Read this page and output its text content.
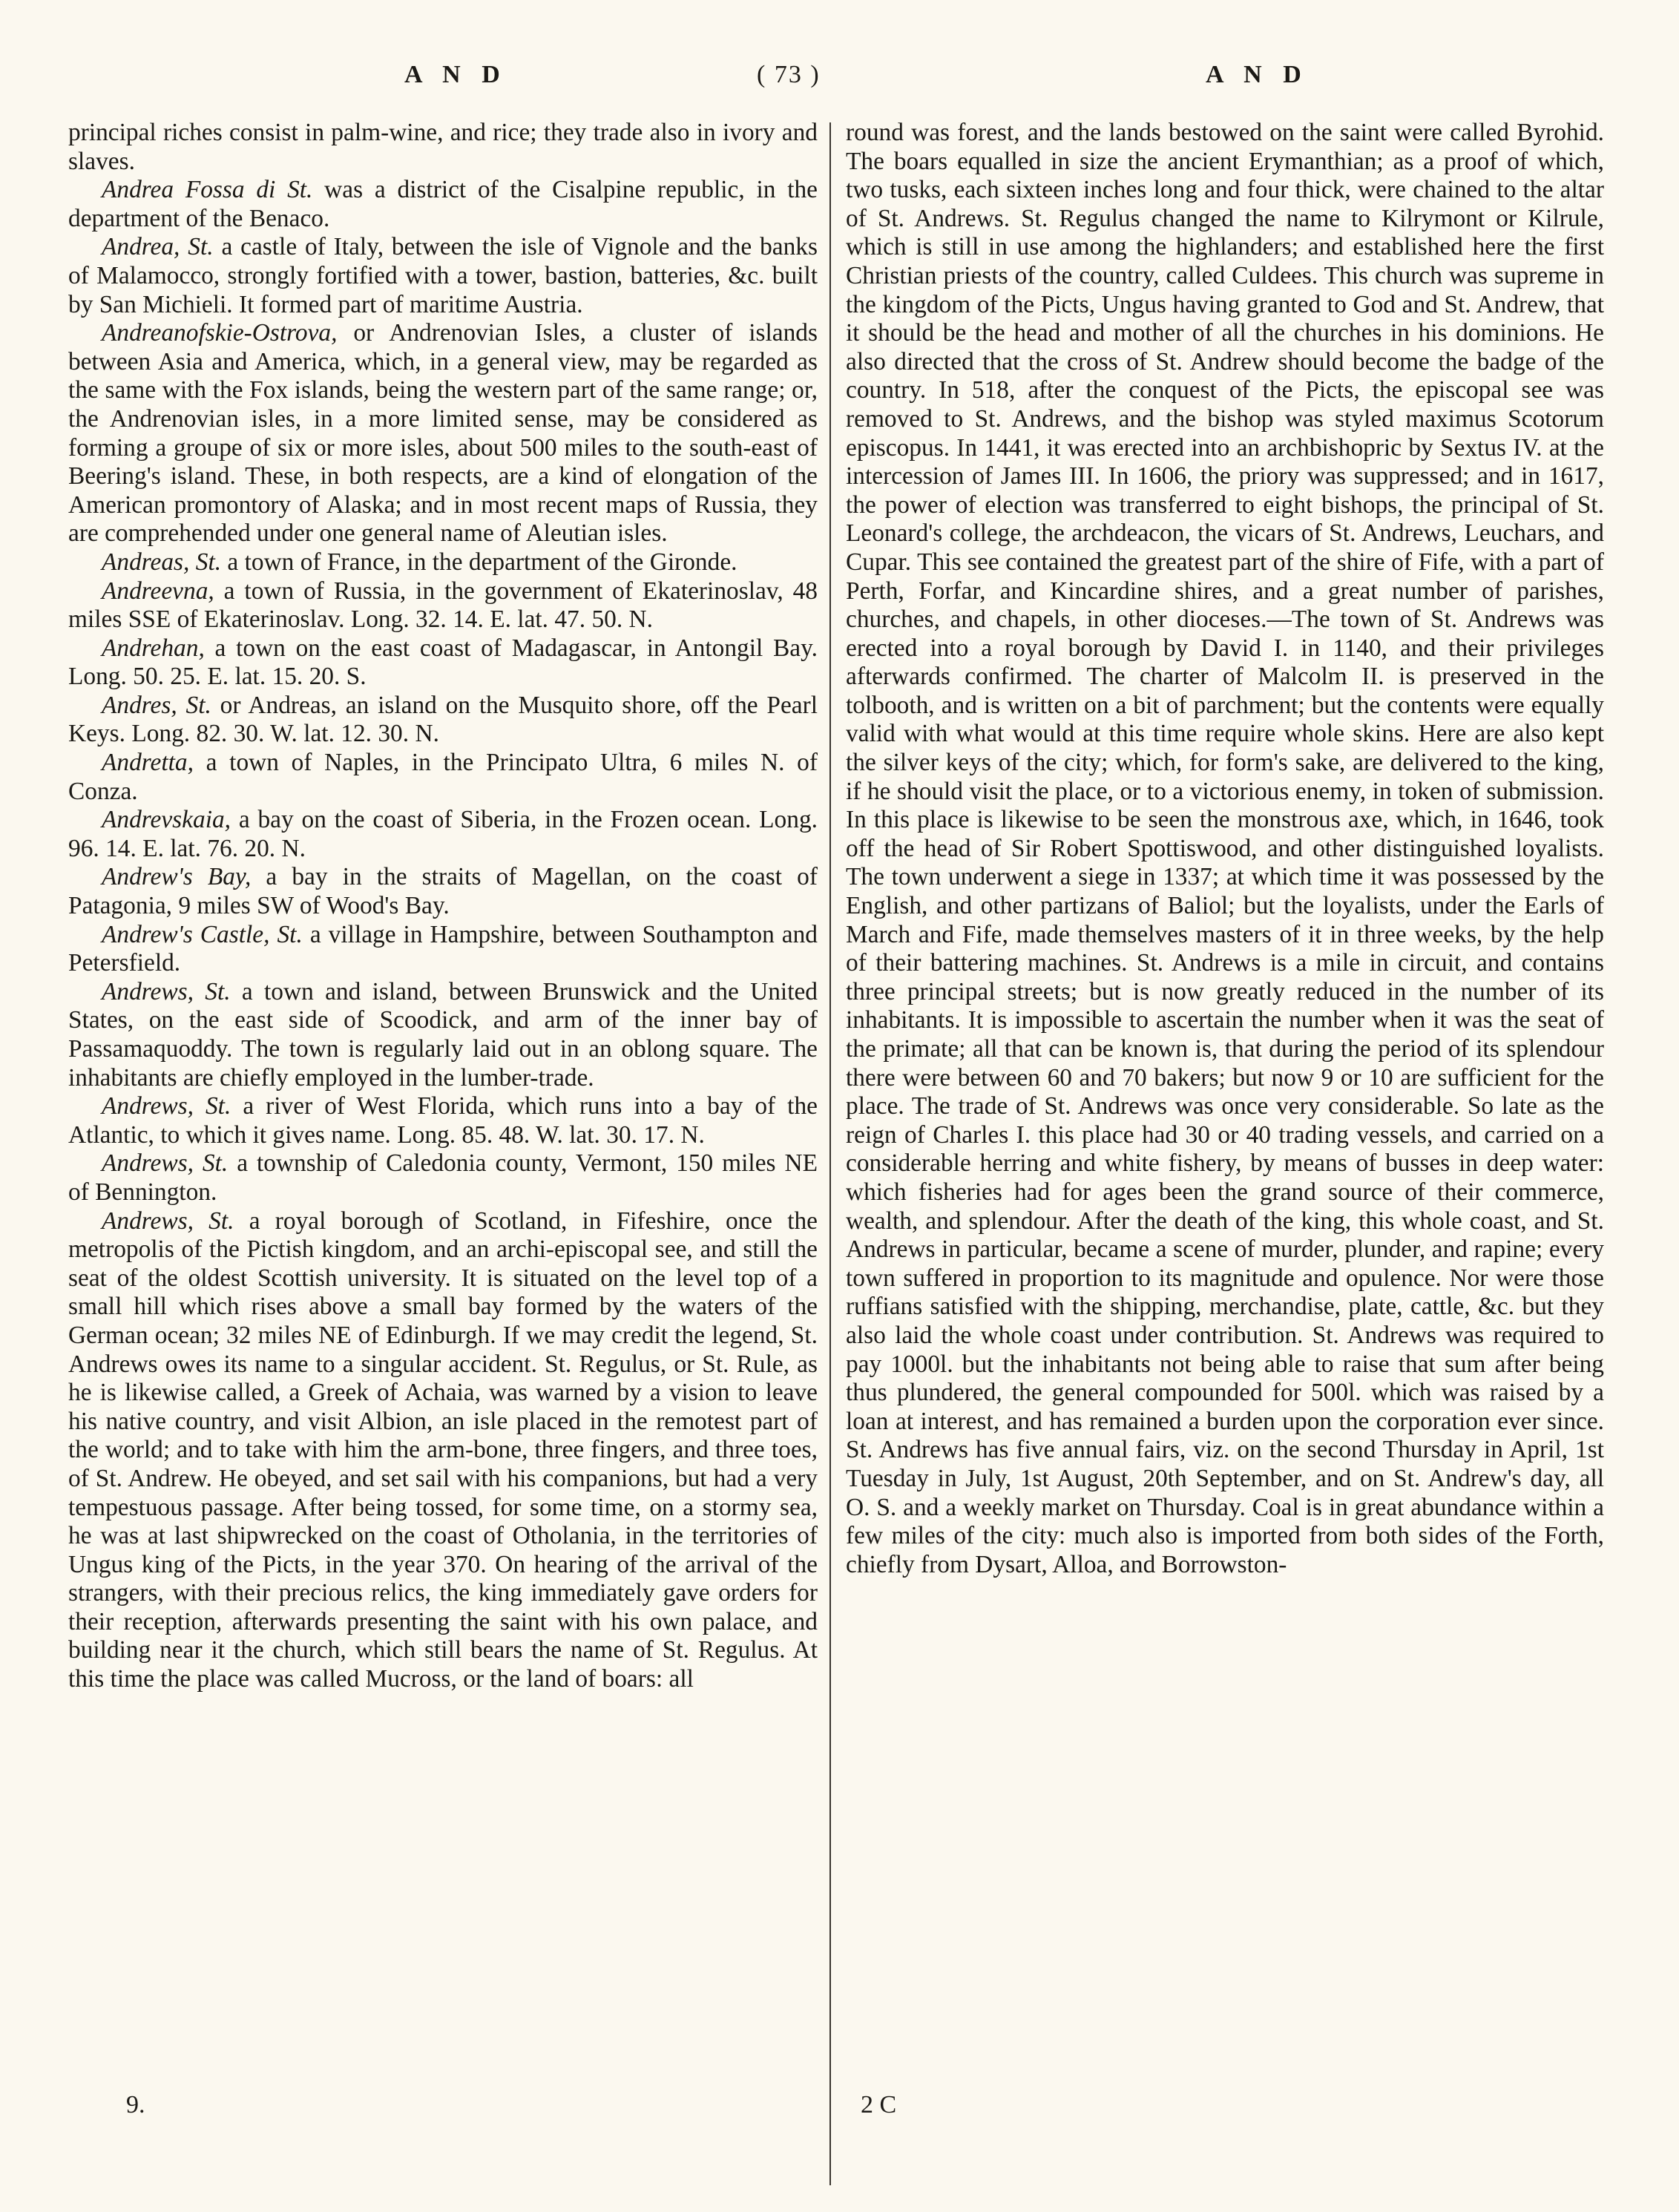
A N D	( 73 )	A N D

principal riches consist in palm-wine, and rice; they trade also in ivory and slaves.

Andrea Fossa di St. was a district of the Cisalpine republic, in the department of the Benaco.

Andrea, St. a castle of Italy, between the isle of Vignole and the banks of Malamocco, strongly fortified with a tower, bastion, batteries, &c. built by San Michieli. It formed part of maritime Austria.

Andreanofskie-Ostrova, or Andrenovian Isles, a cluster of islands between Asia and America, which, in a general view, may be regarded as the same with the Fox islands, being the western part of the same range; or, the Andrenovian isles, in a more limited sense, may be considered as forming a groupe of six or more isles, about 500 miles to the south-east of Beering's island. These, in both respects, are a kind of elongation of the American promontory of Alaska; and in most recent maps of Russia, they are comprehended under one general name of Aleutian isles.

Andreas, St. a town of France, in the department of the Gironde.

Andreevna, a town of Russia, in the government of Ekaterinoslav, 48 miles SSE of Ekaterinoslav. Long. 32. 14. E. lat. 47. 50. N.

Andrehan, a town on the east coast of Madagascar, in Antongil Bay. Long. 50. 25. E. lat. 15. 20. S.

Andres, St. or Andreas, an island on the Musquito shore, off the Pearl Keys. Long. 82. 30. W. lat. 12. 30. N.

Andretta, a town of Naples, in the Principato Ultra, 6 miles N. of Conza.

Andrevskaia, a bay on the coast of Siberia, in the Frozen ocean. Long. 96. 14. E. lat. 76. 20. N.

Andrew's Bay, a bay in the straits of Magellan, on the coast of Patagonia, 9 miles SW of Wood's Bay.

Andrew's Castle, St. a village in Hampshire, between Southampton and Petersfield.

Andrews, St. a town and island, between Brunswick and the United States, on the east side of Scoodick, and arm of the inner bay of Passamaquoddy. The town is regularly laid out in an oblong square. The inhabitants are chiefly employed in the lumber-trade.

Andrews, St. a river of West Florida, which runs into a bay of the Atlantic, to which it gives name. Long. 85. 48. W. lat. 30. 17. N.

Andrews, St. a township of Caledonia county, Vermont, 150 miles NE of Bennington.

Andrews, St. a royal borough of Scotland, in Fifeshire, once the metropolis of the Pictish kingdom, and an archi-episcopal see, and still the seat of the oldest Scottish university. It is situated on the level top of a small hill which rises above a small bay formed by the waters of the German ocean; 32 miles NE of Edinburgh. If we may credit the legend, St. Andrews owes its name to a singular accident. St. Regulus, or St. Rule, as he is likewise called, a Greek of Achaia, was warned by a vision to leave his native country, and visit Albion, an isle placed in the remotest part of the world; and to take with him the arm-bone, three fingers, and three toes, of St. Andrew. He obeyed, and set sail with his companions, but had a very tempestuous passage. After being tossed, for some time, on a stormy sea, he was at last shipwrecked on the coast of Otholania, in the territories of Ungus king of the Picts, in the year 370. On hearing of the arrival of the strangers, with their precious relics, the king immediately gave orders for their reception, afterwards presenting the saint with his own palace, and building near it the church, which still bears the name of St. Regulus. At this time the place was called Mucross, or the land of boars: all

round was forest, and the lands bestowed on the saint were called Byrohid. The boars equalled in size the ancient Erymanthian; as a proof of which, two tusks, each sixteen inches long and four thick, were chained to the altar of St. Andrews. St. Regulus changed the name to Kilrymont or Kilrule, which is still in use among the highlanders; and established here the first Christian priests of the country, called Culdees. This church was supreme in the kingdom of the Picts, Ungus having granted to God and St. Andrew, that it should be the head and mother of all the churches in his dominions. He also directed that the cross of St. Andrew should become the badge of the country. In 518, after the conquest of the Picts, the episcopal see was removed to St. Andrews, and the bishop was styled maximus Scotorum episcopus. In 1441, it was erected into an archbishopric by Sextus IV. at the intercession of James III. In 1606, the priory was suppressed; and in 1617, the power of election was transferred to eight bishops, the principal of St. Leonard's college, the archdeacon, the vicars of St. Andrews, Leuchars, and Cupar. This see contained the greatest part of the shire of Fife, with a part of Perth, Forfar, and Kincardine shires, and a great number of parishes, churches, and chapels, in other dioceses.—The town of St. Andrews was erected into a royal borough by David I. in 1140, and their privileges afterwards confirmed. The charter of Malcolm II. is preserved in the tolbooth, and is written on a bit of parchment; but the contents were equally valid with what would at this time require whole skins. Here are also kept the silver keys of the city; which, for form's sake, are delivered to the king, if he should visit the place, or to a victorious enemy, in token of submission. In this place is likewise to be seen the monstrous axe, which, in 1646, took off the head of Sir Robert Spottiswood, and other distinguished loyalists. The town underwent a siege in 1337; at which time it was possessed by the English, and other partizans of Baliol; but the loyalists, under the Earls of March and Fife, made themselves masters of it in three weeks, by the help of their battering machines. St. Andrews is a mile in circuit, and contains three principal streets; but is now greatly reduced in the number of its inhabitants. It is impossible to ascertain the number when it was the seat of the primate; all that can be known is, that during the period of its splendour there were between 60 and 70 bakers; but now 9 or 10 are sufficient for the place. The trade of St. Andrews was once very considerable. So late as the reign of Charles I. this place had 30 or 40 trading vessels, and carried on a considerable herring and white fishery, by means of busses in deep water: which fisheries had for ages been the grand source of their commerce, wealth, and splendour. After the death of the king, this whole coast, and St. Andrews in particular, became a scene of murder, plunder, and rapine; every town suffered in proportion to its magnitude and opulence. Nor were those ruffians satisfied with the shipping, merchandise, plate, cattle, &c. but they also laid the whole coast under contribution. St. Andrews was required to pay 1000l. but the inhabitants not being able to raise that sum after being thus plundered, the general compounded for 500l. which was raised by a loan at interest, and has remained a burden upon the corporation ever since. St. Andrews has five annual fairs, viz. on the second Thursday in April, 1st Tuesday in July, 1st August, 20th September, and on St. Andrew's day, all O. S. and a weekly market on Thursday. Coal is in great abundance within a few miles of the city: much also is imported from both sides of the Forth, chiefly from Dysart, Alloa, and Borrowston-

9.	2 C
